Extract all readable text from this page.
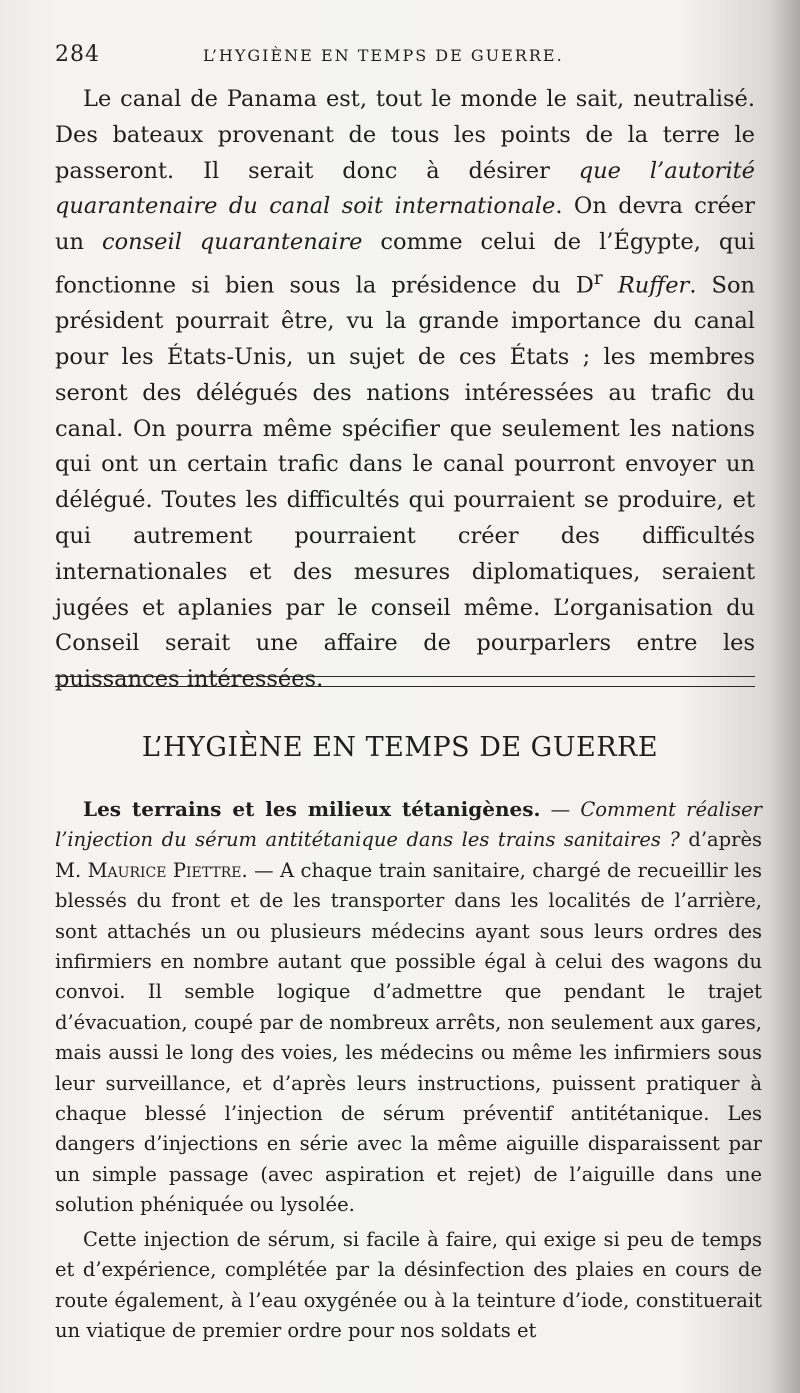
284	L’HYGIÈNE EN TEMPS DE GUERRE.

Le canal de Panama est, tout le monde le sait, neutralisé. Des bateaux provenant de tous les points de la terre le passeront. Il serait donc à désirer que l’autorité quarantenaire du canal soit internationale. On devra créer un conseil quarantenaire comme celui de l’Égypte, qui fonctionne si bien sous la présidence du $D^r$ Ruffer. Son président pourrait être, vu la grande importance du canal pour les États-Unis, un sujet de ces États ; les membres seront des délégués des nations intéressées au trafic du canal. On pourra même spécifier que seulement les nations qui ont un certain trafic dans le canal pourront envoyer un délégué. Toutes les difficultés qui pourraient se produire, et qui autrement pourraient créer des difficultés internationales et des mesures diplomatiques, seraient jugées et aplanies par le conseil même. L’organisation du Conseil serait une affaire de pourparlers entre les puissances intéressées.

L’HYGIÈNE EN TEMPS DE GUERRE

Les terrains et les milieux tétanigènes. — Comment réaliser l’injection du sérum antitétanique dans les trains sanitaires ? d’après M. Maurice Piettre. — A chaque train sanitaire, chargé de recueillir les blessés du front et de les transporter dans les localités de l’arrière, sont attachés un ou plusieurs médecins ayant sous leurs ordres des infirmiers en nombre autant que possible égal à celui des wagons du convoi. Il semble logique d’admettre que pendant le trajet d’évacuation, coupé par de nombreux arrêts, non seulement aux gares, mais aussi le long des voies, les médecins ou même les infirmiers sous leur surveillance, et d’après leurs instructions, puissent pratiquer à chaque blessé l’injection de sérum préventif antitétanique. Les dangers d’injections en série avec la même aiguille disparaissent par un simple passage (avec aspiration et rejet) de l’aiguille dans une solution phéniquée ou lysolée.

Cette injection de sérum, si facile à faire, qui exige si peu de temps et d’expérience, complétée par la désinfection des plaies en cours de route également, à l’eau oxygénée ou à la teinture d’iode, constituerait un viatique de premier ordre pour nos soldats et
